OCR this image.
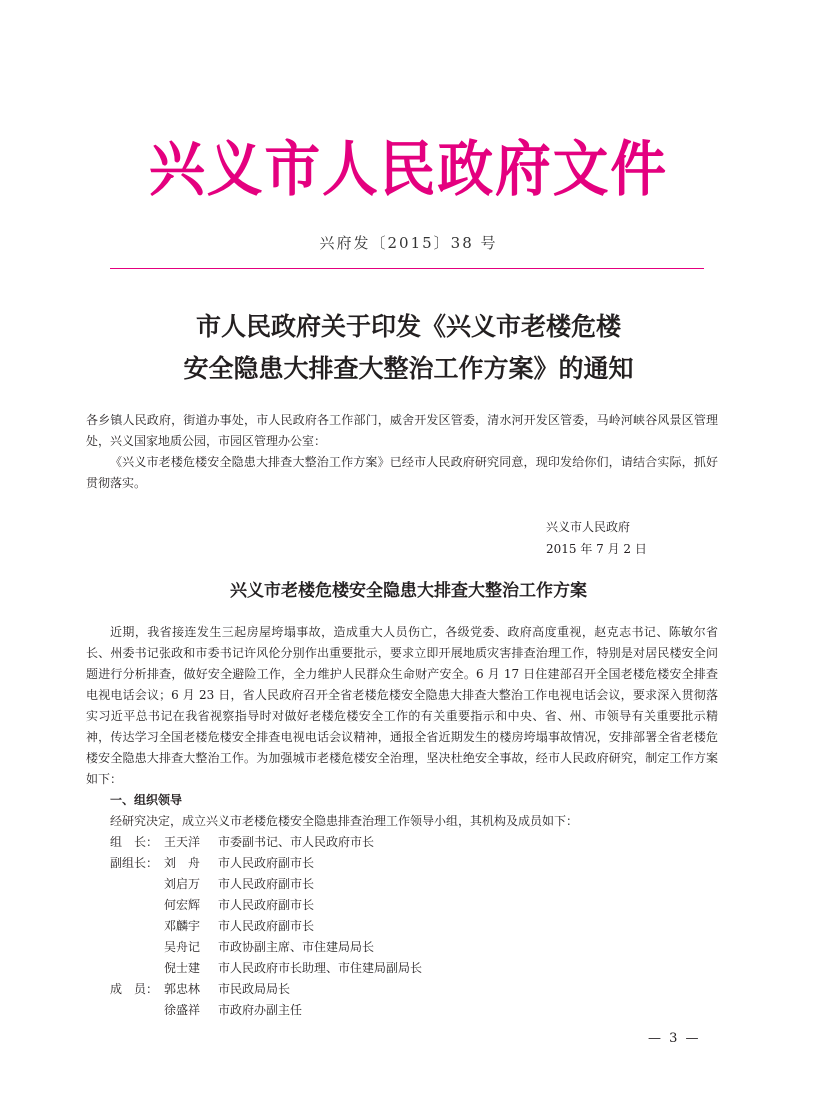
兴义市人民政府文件
兴府发〔2015〕38 号
市人民政府关于印发《兴义市老楼危楼
安全隐患大排查大整治工作方案》的通知
各乡镇人民政府，街道办事处，市人民政府各工作部门，威舍开发区管委，清水河开发区管委，马岭河峡谷风景区管理处，兴义国家地质公园，市园区管理办公室：
《兴义市老楼危楼安全隐患大排查大整治工作方案》已经市人民政府研究同意，现印发给你们，请结合实际，抓好贯彻落实。
兴义市人民政府
2015 年 7 月 2 日
兴义市老楼危楼安全隐患大排查大整治工作方案
近期，我省接连发生三起房屋垮塌事故，造成重大人员伤亡，各级党委、政府高度重视，赵克志书记、陈敏尔省长、州委书记张政和市委书记许风伦分别作出重要批示，要求立即开展地质灾害排查治理工作，特别是对居民楼安全问题进行分析排查，做好安全避险工作，全力维护人民群众生命财产安全。6 月 17 日住建部召开全国老楼危楼安全排查电视电话会议；6 月 23 日，省人民政府召开全省老楼危楼安全隐患大排查大整治工作电视电话会议，要求深入贯彻落实习近平总书记在我省视察指导时对做好老楼危楼安全工作的有关重要指示和中央、省、州、市领导有关重要批示精神，传达学习全国老楼危楼安全排查电视电话会议精神，通报全省近期发生的楼房垮塌事故情况，安排部署全省老楼危楼安全隐患大排查大整治工作。为加强城市老楼危楼安全治理，坚决杜绝安全事故，经市人民政府研究，制定工作方案如下：
一、组织领导
经研究决定，成立兴义市老楼危楼安全隐患排查治理工作领导小组，其机构及成员如下：
组　长： 王天洋	市委副书记、市人民政府市长
副组长： 刘　舟	市人民政府副市长
刘启万	市人民政府副市长
何宏辉	市人民政府副市长
邓麟宇	市人民政府副市长
吴舟记	市政协副主席、市住建局局长
倪士建	市人民政府市长助理、市住建局副局长
成　员： 郭忠林	市民政局局长
徐盛祥	市政府办副主任
— 3 —
